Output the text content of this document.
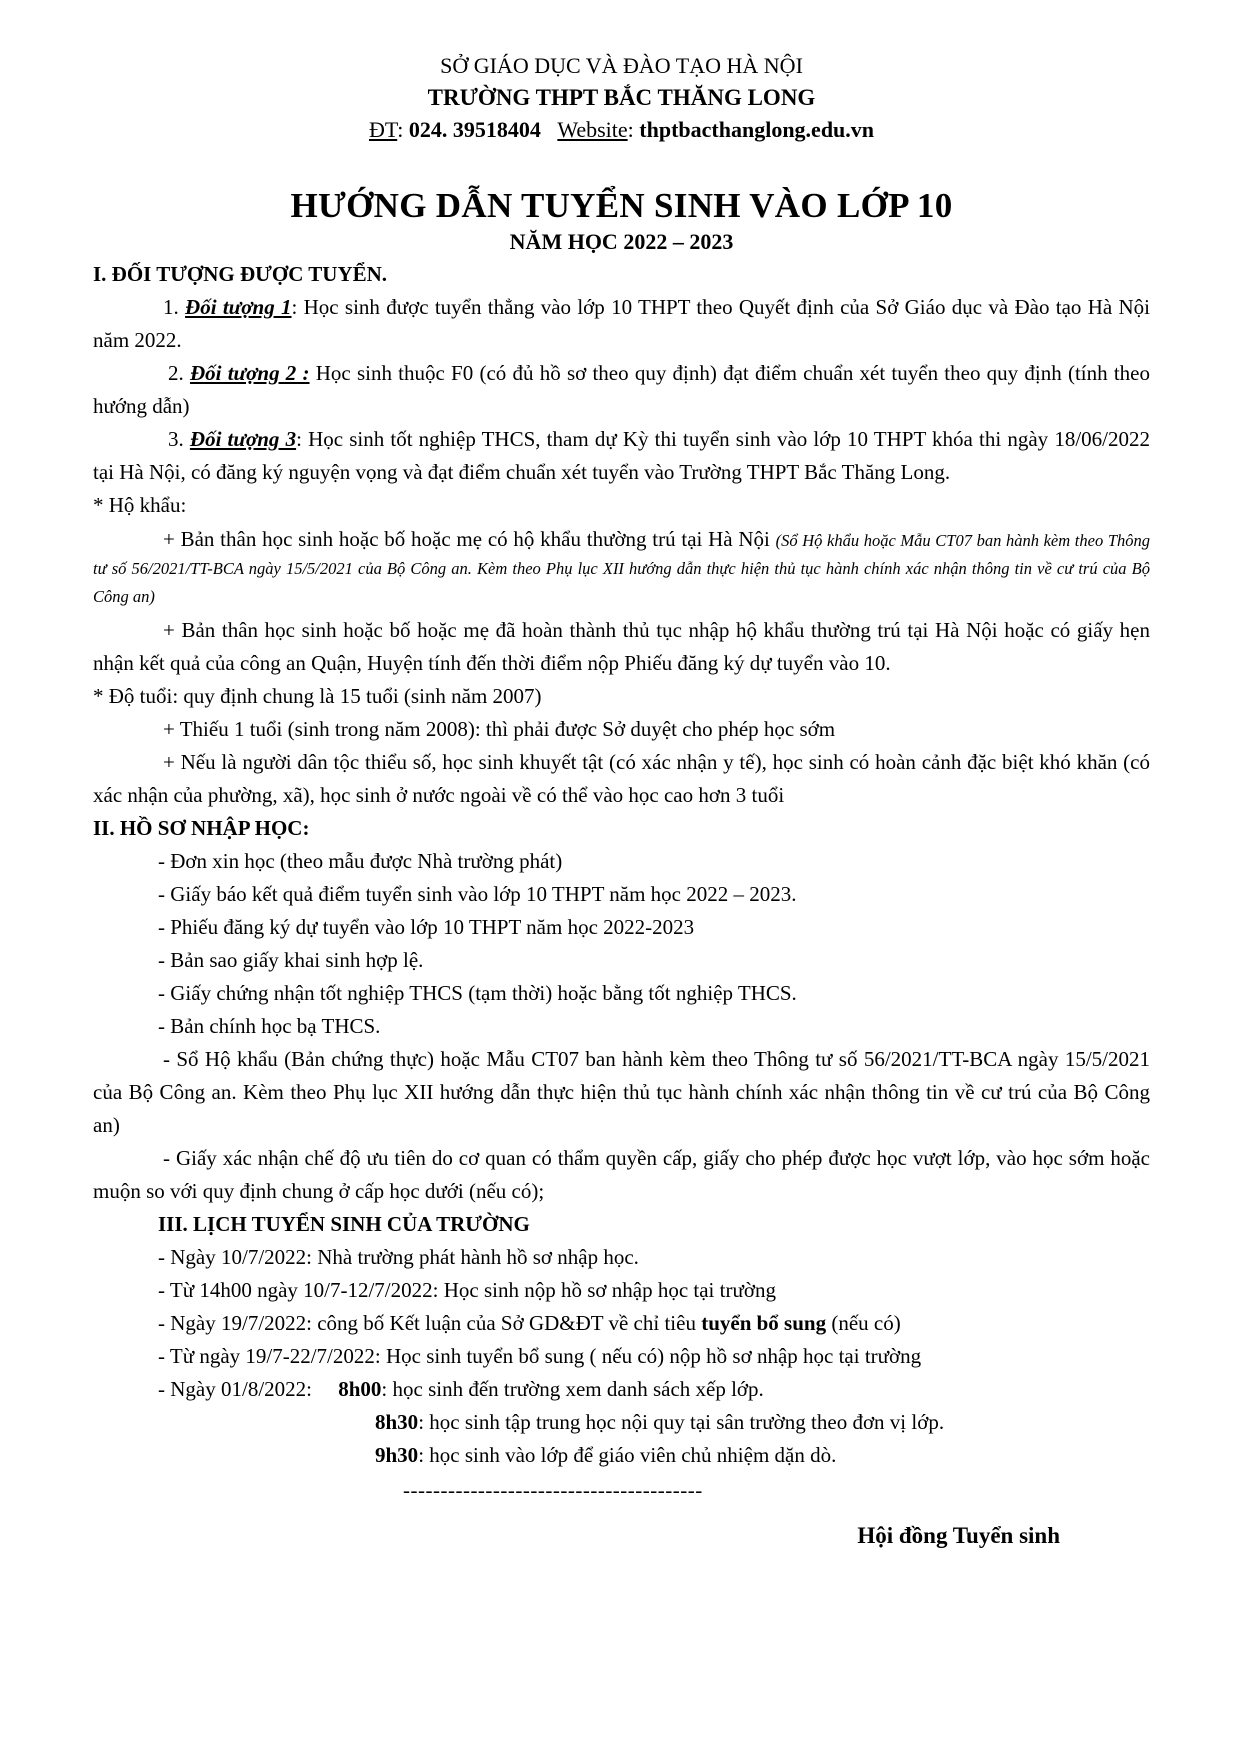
SỞ GIÁO DỤC VÀ ĐÀO TẠO HÀ NỘI

TRƯỜNG THPT BẮC THĂNG LONG

ĐT: 024. 39518404 Website: thptbacthanglong.edu.vn

HƯỚNG DẪN TUYỂN SINH VÀO LỚP 10

NĂM HỌC 2022 – 2023

I. ĐỐI TƯỢNG ĐƯỢC TUYỂN.

1. Đối tượng 1: Học sinh được tuyển thẳng vào lớp 10 THPT theo Quyết định của Sở Giáo dục và Đào tạo Hà Nội năm 2022.

2. Đối tượng 2 : Học sinh thuộc F0 (có đủ hồ sơ theo quy định) đạt điểm chuẩn xét tuyển theo quy định (tính theo hướng dẫn)

3. Đối tượng 3: Học sinh tốt nghiệp THCS, tham dự Kỳ thi tuyển sinh vào lớp 10 THPT khóa thi ngày 18/06/2022 tại Hà Nội, có đăng ký nguyện vọng và đạt điểm chuẩn xét tuyển vào Trường THPT Bắc Thăng Long.

* Hộ khẩu:

+ Bản thân học sinh hoặc bố hoặc mẹ có hộ khẩu thường trú tại Hà Nội (Sổ Hộ khẩu hoặc Mẫu CT07 ban hành kèm theo Thông tư số 56/2021/TT-BCA ngày 15/5/2021 của Bộ Công an. Kèm theo Phụ lục XII hướng dẫn thực hiện thủ tục hành chính xác nhận thông tin về cư trú của Bộ Công an)

+ Bản thân học sinh hoặc bố hoặc mẹ đã hoàn thành thủ tục nhập hộ khẩu thường trú tại Hà Nội hoặc có giấy hẹn nhận kết quả của công an Quận, Huyện tính đến thời điểm nộp Phiếu đăng ký dự tuyển vào 10.

* Độ tuổi: quy định chung là 15 tuổi (sinh năm 2007)

+ Thiếu 1 tuổi (sinh trong năm 2008): thì phải được Sở duyệt cho phép học sớm

+ Nếu là người dân tộc thiểu số, học sinh khuyết tật (có xác nhận y tế), học sinh có hoàn cảnh đặc biệt khó khăn (có xác nhận của phường, xã), học sinh ở nước ngoài về có thể vào học cao hơn 3 tuổi

II. HỒ SƠ NHẬP HỌC:

- Đơn xin học (theo mẫu được Nhà trường phát)

- Giấy báo kết quả điểm tuyển sinh vào lớp 10 THPT năm học 2022 – 2023.

- Phiếu đăng ký dự tuyển vào lớp 10 THPT năm học 2022-2023

- Bản sao giấy khai sinh hợp lệ.

- Giấy chứng nhận tốt nghiệp THCS (tạm thời) hoặc bằng tốt nghiệp THCS.

- Bản chính học bạ THCS.

- Sổ Hộ khẩu (Bản chứng thực) hoặc Mẫu CT07 ban hành kèm theo Thông tư số 56/2021/TT-BCA ngày 15/5/2021 của Bộ Công an. Kèm theo Phụ lục XII hướng dẫn thực hiện thủ tục hành chính xác nhận thông tin về cư trú của Bộ Công an)

- Giấy xác nhận chế độ ưu tiên do cơ quan có thẩm quyền cấp, giấy cho phép được học vượt lớp, vào học sớm hoặc muộn so với quy định chung ở cấp học dưới (nếu có);

III. LỊCH TUYỂN SINH CỦA TRƯỜNG

- Ngày 10/7/2022: Nhà trường phát hành hồ sơ nhập học.

- Từ 14h00 ngày 10/7-12/7/2022: Học sinh nộp hồ sơ nhập học tại trường

- Ngày 19/7/2022: công bố Kết luận của Sở GD&ĐT về chỉ tiêu tuyển bổ sung (nếu có)

- Từ ngày 19/7-22/7/2022: Học sinh tuyển bổ sung ( nếu có) nộp hồ sơ nhập học tại trường

- Ngày 01/8/2022: 8h00: học sinh đến trường xem danh sách xếp lớp.

8h30: học sinh tập trung học nội quy tại sân trường theo đơn vị lớp.

9h30: học sinh vào lớp để giáo viên chủ nhiệm dặn dò.

----------------------------------------

Hội đồng Tuyển sinh
